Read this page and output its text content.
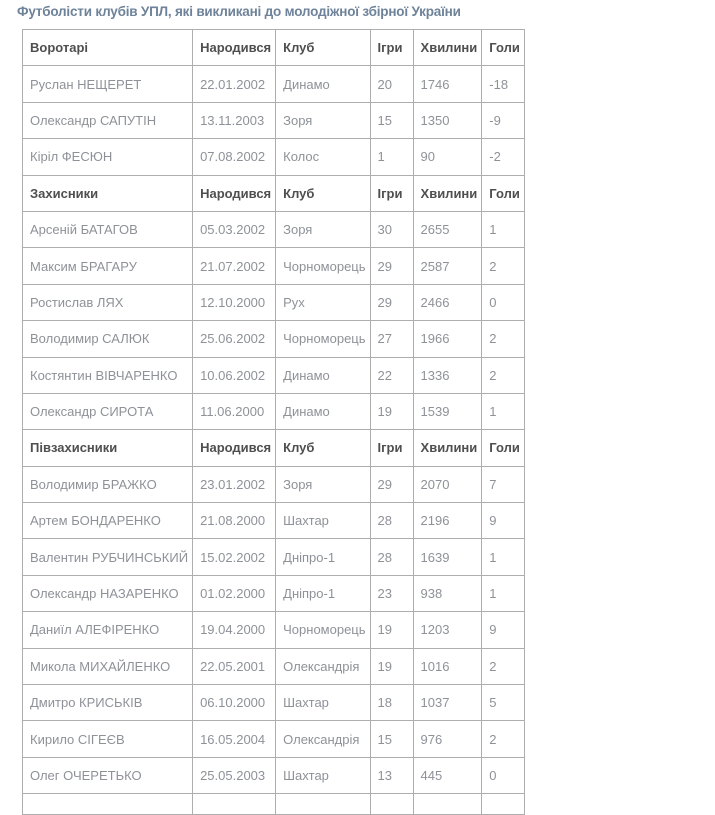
Футболісти клубів УПЛ, які викликані до молодіжної збірної України
Воротарі	Народився	Клуб	Ігри	Хвилини	Голи
Руслан НЕЩЕРЕТ	22.01.2002	Динамо	20	1746	-18
Олександр САПУТІН	13.11.2003	Зоря	15	1350	-9
Кіріл ФЕСЮН	07.08.2002	Колос	1	90	-2
Захисники	Народився	Клуб	Ігри	Хвилини	Голи
Арсеній БАТАГОВ	05.03.2002	Зоря	30	2655	1
Максим БРАГАРУ	21.07.2002	Чорноморець	29	2587	2
Ростислав ЛЯХ	12.10.2000	Рух	29	2466	0
Володимир САЛЮК	25.06.2002	Чорноморець	27	1966	2
Костянтин ВІВЧАРЕНКО	10.06.2002	Динамо	22	1336	2
Олександр СИРОТА	11.06.2000	Динамо	19	1539	1
Півзахисники	Народився	Клуб	Ігри	Хвилини	Голи
Володимир БРАЖКО	23.01.2002	Зоря	29	2070	7
Артем БОНДАРЕНКО	21.08.2000	Шахтар	28	2196	9
Валентин РУБЧИНСЬКИЙ	15.02.2002	Дніпро-1	28	1639	1
Олександр НАЗАРЕНКО	01.02.2000	Дніпро-1	23	938	1
Даниїл АЛЕФІРЕНКО	19.04.2000	Чорноморець	19	1203	9
Микола МИХАЙЛЕНКО	22.05.2001	Олександрія	19	1016	2
Дмитро КРИСЬКІВ	06.10.2000	Шахтар	18	1037	5
Кирило СІГЕЄВ	16.05.2004	Олександрія	15	976	2
Олег ОЧЕРЕТЬКО	25.05.2003	Шахтар	13	445	0
